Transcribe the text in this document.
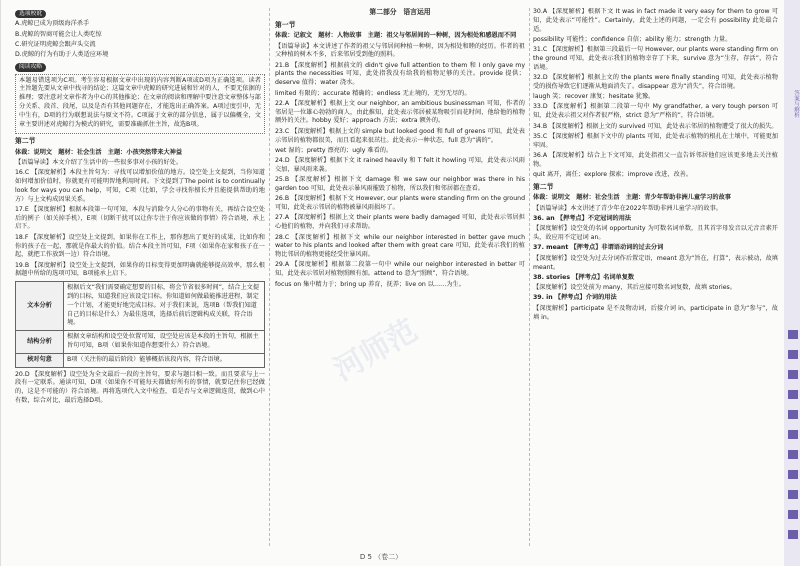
选项校讹

A.虎鲸已成为顶级海洋杀手

B.虎鲸的智商可能会让人类吃惊

C.研究证明虎鲸会跟声头交流

D.虎鲸的行为有助于人类适应环境

阅读攻略

本题易错选项为C项。考生容易根据文章中出现的内容判断A项或D项为正确选项。读者主旨题先要从文章中找寻的结论；这篇文章中虎鲸的研究进展和针对的人，不要无依据的推理；要注意对文章作者为中心的其他推论；在文章的阅读和理解中要注意文章整体与部分关系、段首、段尾，以及是否有其他问题存在，才能选出正确答案。A项过度引申，无中生有，D项的行为联想说法与原文不符。C项属于文章的部分信息，属于以偏概全，文章主要讲述对虎鲸行为模式的研究，需要准确抓住主旨，故选B项。

第二节

体裁：说明文　题材：社会生活　主题：小孩突然带来大神益

【语篇导读】本文介绍了生活中的一些很多事对小孩的好处。

16.C 【深度解析】本段主旨句为：寻找可以增加价值的地方。设空处上文提到，当你知道如何增加价值时，你就更有可能明智地利用时间。下文提到了The point is to continually look for ways you can help，可知，C项（比如，学会寻找你擅长并且能提供帮助的地方）与上文构成因果关系。

17.E 【深度解析】根据本段第一句可知，本段与消除令人分心的事物有关，再结合设空处后的例子（如关掉手机），E项（切断干扰可以让你专注于你应该做的事情）符合语境，承上启下。

18.F 【深度解析】设空处上文提到，如果你在工作上，那你想出了更好的成果，比如你和你的孩子在一起，那就是你最大的价值。结合本段主旨可知，F项（如果你在家和孩子在一起，就把工作放到一边）符合语境。

19.B 【深度解析】设空处上文提到，如果你的目标变得更加明确就能够提高效率，那么根据题中所给的选项可知，B项能承上启下。

文本分析	根据后文“我们需要确定想要的目标，将会节省很多时间”，结合上文提到的目标，知道我们应该设定目标。你知道如何做最能推进进程，制定一个计划，才能更好地完成目标。对于我们来说，选项B（帮我们知道自己的目标是什么）为最佳选项，选择后前后逻辑构成关联，符合语境。
结构分析	根据文章结构和设空处位置可知，设空处应该是本段的主旨句，根据主旨句可知，B项（如果你知道你想要什么）符合语境。
核对句意	B项（关注你的最后阶段）能够概括该段内容，符合语境。

20.D 【深度解析】设空处为全文最后一段的主旨句，要求与题目相一致。而且要求与上一段有一定联系。通读可知，D项（如果你不可能每天都做好所有的事情，就要记住你已经做的，这是不可能的）符合语境。再将选项代入文中检查，看是否与文章逻辑连贯，做到心中有数，综合对比，最后选择D项。

第二部分　语言运用
第一节

体裁：记叙文　题材：人物故事　主题：祖父与邻居间的一种树，因为相处和感恩而不同

【语篇导读】本文讲述了作者的祖父与邻居间种植一种树，因为相处和睦的经历。作者的祖父种植的树木不多，后来邻居受到他的照料。

21.B 【深度解析】根据前文的 didn't give full attention to them 和 I only gave my plants the necessities 可知，此处指我没有给我的植物足够的关注。provide 提供；deserve 值得；water 浇水。

limited 有限的；accurate 精确的；endless 无止境的，无穷无尽的。

22.A 【深度解析】根据上文 our neighbor, an ambitious businessman 可知，作者的邻居是一位雄心勃勃的商人，由此推知，此处表示邻居被某物吸引而花时间，他给他的植物额外的关注。hobby 爱好；approach 方法；extra 额外的。

23.C 【深度解析】根据上文的 simple but looked good 和 full of greens 可知，此处表示邻居的植物都很美，而且看起来很茁壮。此处表示一种状态，full 意为“满的”。

wet 湿的；pretty 漂亮的；ugly 难看的。

24.D 【深度解析】根据下文 it rained heavily 和 T felt it howling 可知，此处表示风雨交加，暴风雨来袭。

25.B 【深度解析】根据下文 damage 和 we saw our neighbor was there in his garden too 可知，此处表示暴风雨摧毁了植物，所以我们和邻居都在查看。

26.B 【深度解析】根据下文 However, our plants were standing firm on the ground 可知，此处表示邻居的植物被暴风雨损坏了。

27.A 【深度解析】根据上文 their plants were badly damaged 可知，此处表示邻居担心他们的植物，并向我们寻求帮助。

28.C 【深度解析】根据下文 while our neighbor interested in better gave much water to his plants and looked after them with great care 可知，此处表示我们的植物比邻居的植物更能经受住暴风雨。

29.A 【深度解析】根据第二段第一句中 while our neighbor interested in better 可知，此处表示邻居对植物照顾有加。attend to 意为“照顾”，符合语境。

focus on 集中精力于；bring up 养育，抚养；live on 以……为生。

30.A 【深度解析】根据下文 It was in fact made it very easy for them to grow 可知，此处表示“可能性”。Certainly，此处上述的问题，一定会有 possibility 此处最合适。

possibility 可能性；confidence 自信；ability 能力；strength 力量。

31.C 【深度解析】根据第三段最后一句 However, our plants were standing firm on the ground 可知，此处表示我们的植物幸存了下来，survive 意为“生存，存活”，符合语境。

32.D 【深度解析】根据上文的 the plants were finally standing 可知，此处表示植物受的损伤导致它们逐渐从地面消失了。disappear 意为“消失”，符合语境。

laugh 笑；recover 康复；hesitate 犹豫。

33.D 【深度解析】根据第二段第一句中 My grandfather, a very tough person 可知，此处表示祖父对作者很严格，strict 意为“严格的”，符合语境。

34.B 【深度解析】根据上文的 survived 可知，此处表示邻居的植物遭受了很大的损失。

35.C 【深度解析】根据下文中的 plants 可知，此处表示植物的根扎在土壤中，可能更加牢固。

36.A 【深度解析】结合上下文可知，此处指祖父一直告诉邻居他们应该更多地去关注植物。

quit 离开，离任；explore 探索；improve 改进，改善。

第二节

体裁：说明文　题材：社会生活　主题：青少年帮助非洲儿童学习的故事

【语篇导读】本文讲述了青少年在2022年帮助非洲儿童学习的故事。

36. an 【押考点】不定冠词的用法

【深度解析】设空处的名词 opportunity 为可数名词单数，且其首字母发音以元音音素开头，故应用不定冠词 an。

37. meant 【押考点】非谓语动词的过去分词

【深度解析】设空处为过去分词作后置定语，meant 意为“旨在，打算”，表示被动，故填 meant。

38. stories 【押考点】名词单复数

【深度解析】设空处前为 many，其后应接可数名词复数，故填 stories。

39. in 【押考点】介词的用法

【深度解析】participate 是不及物动词，后接介词 in，participate in 意为“参与”，故填 in。

河师范
答案与解析
D 5 （卷二）
